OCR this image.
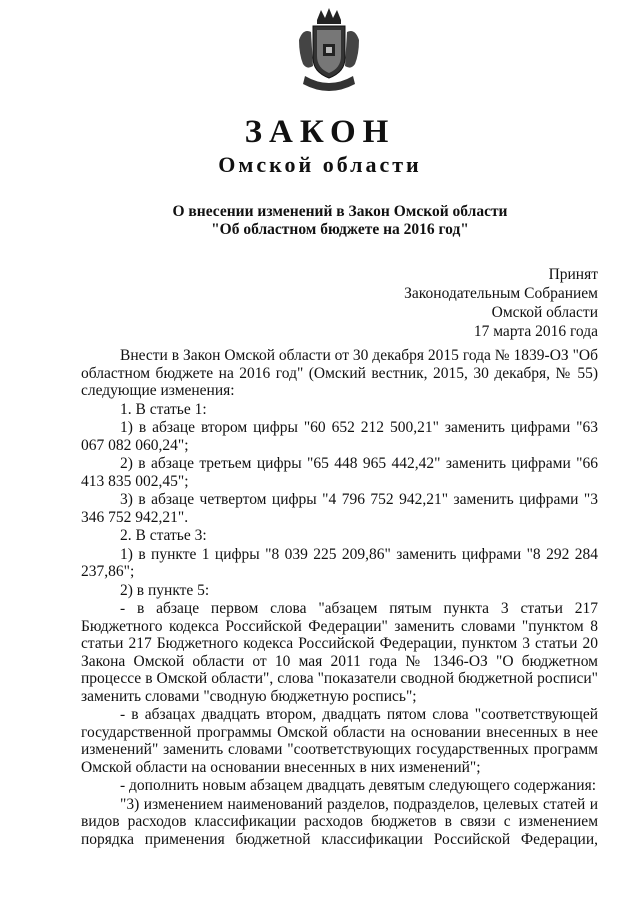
ЗАКОН
Омской области
О внесении изменений в Закон Омской области
"Об областном бюджете на 2016 год"
Принят
Законодательным Собранием
Омской области
17 марта 2016 года

Внести в Закон Омской области от 30 декабря 2015 года № 1839-ОЗ "Об областном бюджете на 2016 год" (Омский вестник, 2015, 30 декабря, № 55) следующие изменения:

1. В статье 1:

1) в абзаце втором цифры "60 652 212 500,21" заменить цифрами "63 067 082 060,24";

2) в абзаце третьем цифры "65 448 965 442,42" заменить цифрами "66 413 835 002,45";

3) в абзаце четвертом цифры "4 796 752 942,21" заменить цифрами "3 346 752 942,21".

2. В статье 3:

1) в пункте 1 цифры "8 039 225 209,86" заменить цифрами "8 292 284 237,86";

2) в пункте 5:

- в абзаце первом слова "абзацем пятым пункта 3 статьи 217 Бюджетного кодекса Российской Федерации" заменить словами "пунктом 8 статьи 217 Бюджетного кодекса Российской Федерации, пунктом 3 статьи 20 Закона Омской области от 10 мая 2011 года № 1346-ОЗ "О бюджетном процессе в Омской области", слова "показатели сводной бюджетной росписи" заменить словами "сводную бюджетную роспись";

- в абзацах двадцать втором, двадцать пятом слова "соответствующей государственной программы Омской области на основании внесенных в нее изменений" заменить словами "соответствующих государственных программ Омской области на основании внесенных в них изменений";

- дополнить новым абзацем двадцать девятым следующего содержания:

"3) изменением наименований разделов, подразделов, целевых статей и видов расходов классификации расходов бюджетов в связи с изменением порядка применения бюджетной классификации Российской Федерации,
